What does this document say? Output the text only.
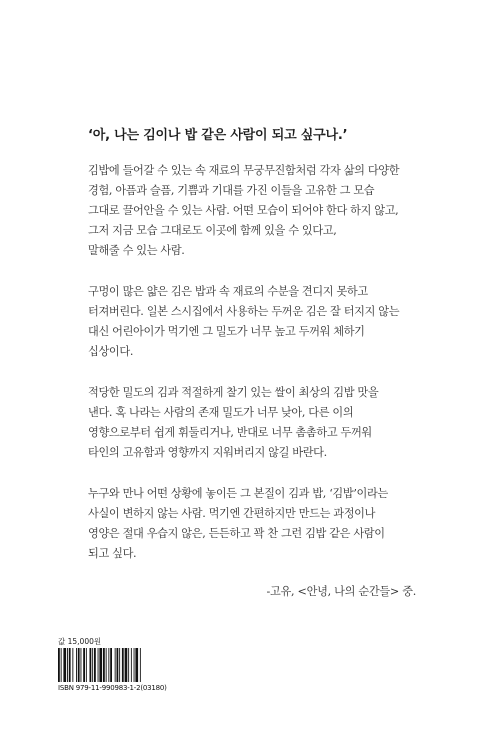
‘아, 나는 김이나 밥 같은 사람이 되고 싶구나.’
김밥에 들어갈 수 있는 속 재료의 무궁무진함처럼 각자 삶의 다양한
경험, 아픔과 슬픔, 기쁨과 기대를 가진 이들을 고유한 그 모습
그대로 끌어안을 수 있는 사람. 어떤 모습이 되어야 한다 하지 않고,
그저 지금 모습 그대로도 이곳에 함께 있을 수 있다고,
말해줄 수 있는 사람.
구멍이 많은 얇은 김은 밥과 속 재료의 수분을 견디지 못하고
터져버린다. 일본 스시집에서 사용하는 두꺼운 김은 잘 터지지 않는
대신 어린아이가 먹기엔 그 밀도가 너무 높고 두꺼워 체하기
십상이다.
적당한 밀도의 김과 적절하게 찰기 있는 쌀이 최상의 김밥 맛을
낸다. 혹 나라는 사람의 존재 밀도가 너무 낮아, 다른 이의
영향으로부터 쉽게 휘둘리거나, 반대로 너무 촘촘하고 두꺼워
타인의 고유함과 영향까지 지워버리지 않길 바란다.
누구와 만나 어떤 상황에 놓이든 그 본질이 김과 밥, ‘김밥’이라는
사실이 변하지 않는 사람. 먹기엔 간편하지만 만드는 과정이나
영양은 절대 우습지 않은, 든든하고 꽉 찬 그런 김밥 같은 사람이
되고 싶다.
-고유, <안녕, 나의 순간들> 중.
값 15,000원
ISBN 979-11-990983-1-2(03180)
